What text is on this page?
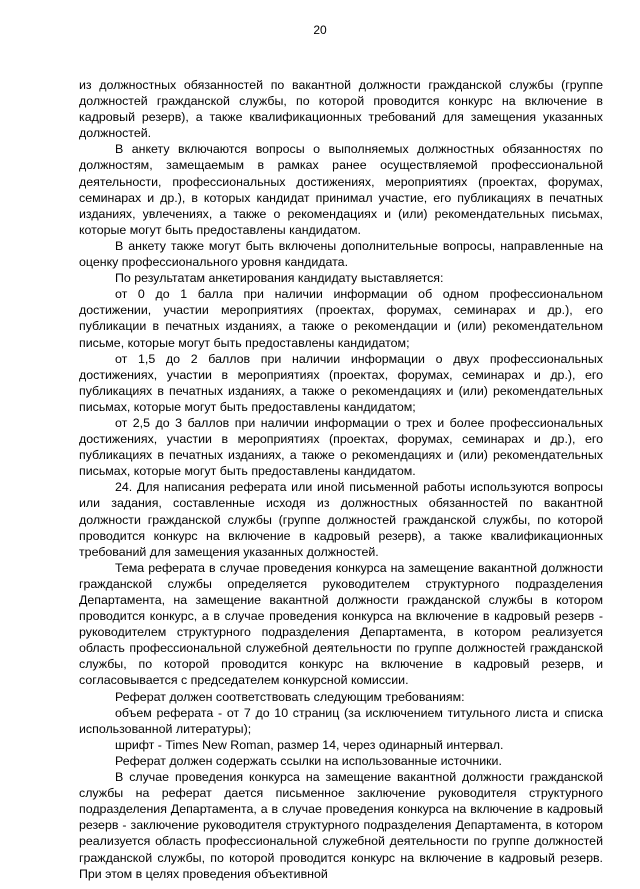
20

из должностных обязанностей по вакантной должности гражданской службы (группе должностей гражданской службы, по которой проводится конкурс на включение в кадровый резерв), а также квалификационных требований для замещения указанных должностей.

В анкету включаются вопросы о выполняемых должностных обязанностях по должностям, замещаемым в рамках ранее осуществляемой профессиональной деятельности, профессиональных достижениях, мероприятиях (проектах, форумах, семинарах и др.), в которых кандидат принимал участие, его публикациях в печатных изданиях, увлечениях, а также о рекомендациях и (или) рекомендательных письмах, которые могут быть предоставлены кандидатом.

В анкету также могут быть включены дополнительные вопросы, направленные на оценку профессионального уровня кандидата.

По результатам анкетирования кандидату выставляется:

от 0 до 1 балла при наличии информации об одном профессиональном достижении, участии мероприятиях (проектах, форумах, семинарах и др.), его публикации в печатных изданиях, а также о рекомендации и (или) рекомендательном письме, которые могут быть предоставлены кандидатом;

от 1,5 до 2 баллов при наличии информации о двух профессиональных достижениях, участии в мероприятиях (проектах, форумах, семинарах и др.), его публикациях в печатных изданиях, а также о рекомендациях и (или) рекомендательных письмах, которые могут быть предоставлены кандидатом;

от 2,5 до 3 баллов при наличии информации о трех и более профессиональных достижениях, участии в мероприятиях (проектах, форумах, семинарах и др.), его публикациях в печатных изданиях, а также о рекомендациях и (или) рекомендательных письмах, которые могут быть предоставлены кандидатом.

24. Для написания реферата или иной письменной работы используются вопросы или задания, составленные исходя из должностных обязанностей по вакантной должности гражданской службы (группе должностей гражданской службы, по которой проводится конкурс на включение в кадровый резерв), а также квалификационных требований для замещения указанных должностей.

Тема реферата в случае проведения конкурса на замещение вакантной должности гражданской службы определяется руководителем структурного подразделения Департамента, на замещение вакантной должности гражданской службы в котором проводится конкурс, а в случае проведения конкурса на включение в кадровый резерв - руководителем структурного подразделения Департамента, в котором реализуется область профессиональной служебной деятельности по группе должностей гражданской службы, по которой проводится конкурс на включение в кадровый резерв, и согласовывается с председателем конкурсной комиссии.

Реферат должен соответствовать следующим требованиям:

объем реферата - от 7 до 10 страниц (за исключением титульного листа и списка использованной литературы);

шрифт - Times New Roman, размер 14, через одинарный интервал.

Реферат должен содержать ссылки на использованные источники.

В случае проведения конкурса на замещение вакантной должности гражданской службы на реферат дается письменное заключение руководителя структурного подразделения Департамента, а в случае проведения конкурса на включение в кадровый резерв - заключение руководителя структурного подразделения Департамента, в котором реализуется область профессиональной служебной деятельности по группе должностей гражданской службы, по которой проводится конкурс на включение в кадровый резерв. При этом в целях проведения объективной
